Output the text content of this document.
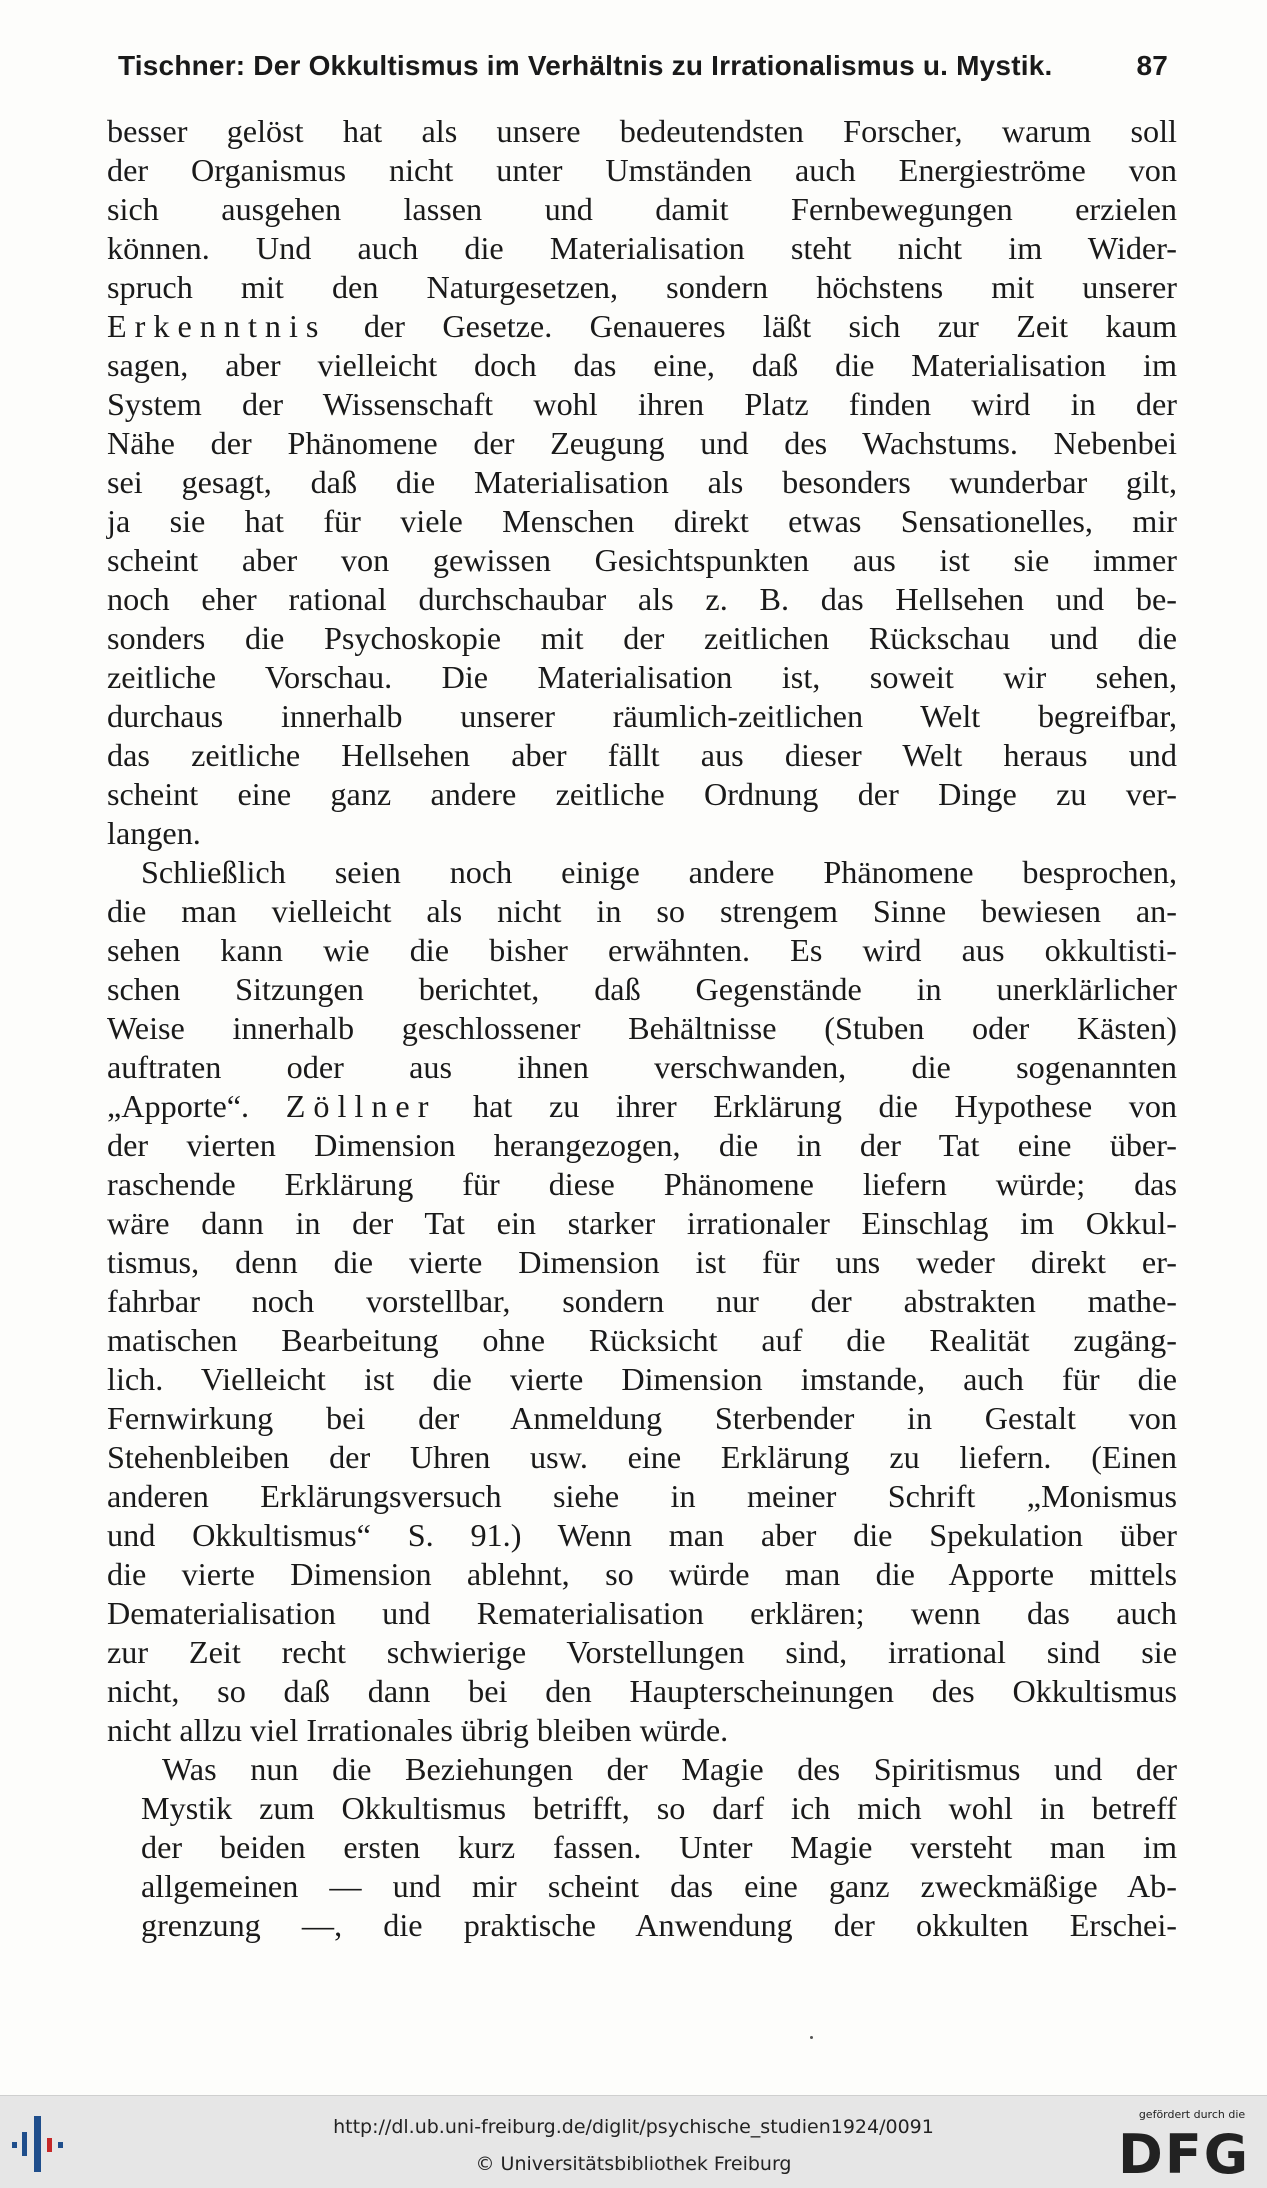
Tischner: Der Okkultismus im Verhältnis zu Irrationalismus u. Mystik.	87
besser gelöst hat als unsere bedeutendsten Forscher, warum soll
der Organismus nicht unter Umständen auch Energieströme von
sich ausgehen lassen und damit Fernbewegungen erzielen
können. Und auch die Materialisation steht nicht im Wider-
spruch mit den Naturgesetzen, sondern höchstens mit unserer
Erkenntnis der Gesetze. Genaueres läßt sich zur Zeit kaum
sagen, aber vielleicht doch das eine, daß die Materialisation im
System der Wissenschaft wohl ihren Platz finden wird in der
Nähe der Phänomene der Zeugung und des Wachstums. Nebenbei
sei gesagt, daß die Materialisation als besonders wunderbar gilt,
ja sie hat für viele Menschen direkt etwas Sensationelles, mir
scheint aber von gewissen Gesichtspunkten aus ist sie immer
noch eher rational durchschaubar als z. B. das Hellsehen und be-
sonders die Psychoskopie mit der zeitlichen Rückschau und die
zeitliche Vorschau. Die Materialisation ist, soweit wir sehen,
durchaus innerhalb unserer räumlich-zeitlichen Welt begreifbar,
das zeitliche Hellsehen aber fällt aus dieser Welt heraus und
scheint eine ganz andere zeitliche Ordnung der Dinge zu ver-
langen.
Schließlich seien noch einige andere Phänomene besprochen,
die man vielleicht als nicht in so strengem Sinne bewiesen an-
sehen kann wie die bisher erwähnten. Es wird aus okkultisti-
schen Sitzungen berichtet, daß Gegenstände in unerklärlicher
Weise innerhalb geschlossener Behältnisse (Stuben oder Kästen)
auftraten oder aus ihnen verschwanden, die sogenannten
„Apporte“. Zöllner hat zu ihrer Erklärung die Hypothese von
der vierten Dimension herangezogen, die in der Tat eine über-
raschende Erklärung für diese Phänomene liefern würde; das
wäre dann in der Tat ein starker irrationaler Einschlag im Okkul-
tismus, denn die vierte Dimension ist für uns weder direkt er-
fahrbar noch vorstellbar, sondern nur der abstrakten mathe-
matischen Bearbeitung ohne Rücksicht auf die Realität zugäng-
lich. Vielleicht ist die vierte Dimension imstande, auch für die
Fernwirkung bei der Anmeldung Sterbender in Gestalt von
Stehenbleiben der Uhren usw. eine Erklärung zu liefern. (Einen
anderen Erklärungsversuch siehe in meiner Schrift „Monismus
und Okkultismus“ S. 91.) Wenn man aber die Spekulation über
die vierte Dimension ablehnt, so würde man die Apporte mittels
Dematerialisation und Rematerialisation erklären; wenn das auch
zur Zeit recht schwierige Vorstellungen sind, irrational sind sie
nicht, so daß dann bei den Haupterscheinungen des Okkultismus
nicht allzu viel Irrationales übrig bleiben würde.
Was nun die Beziehungen der Magie des Spiritismus und der
Mystik zum Okkultismus betrifft, so darf ich mich wohl in betreff
der beiden ersten kurz fassen. Unter Magie versteht man im
allgemeinen — und mir scheint das eine ganz zweckmäßige Ab-
grenzung —, die praktische Anwendung der okkulten Erschei-
http://dl.ub.uni-freiburg.de/diglit/psychische_studien1924/0091
© Universitätsbibliothek Freiburg
gefördert durch die
DFG
